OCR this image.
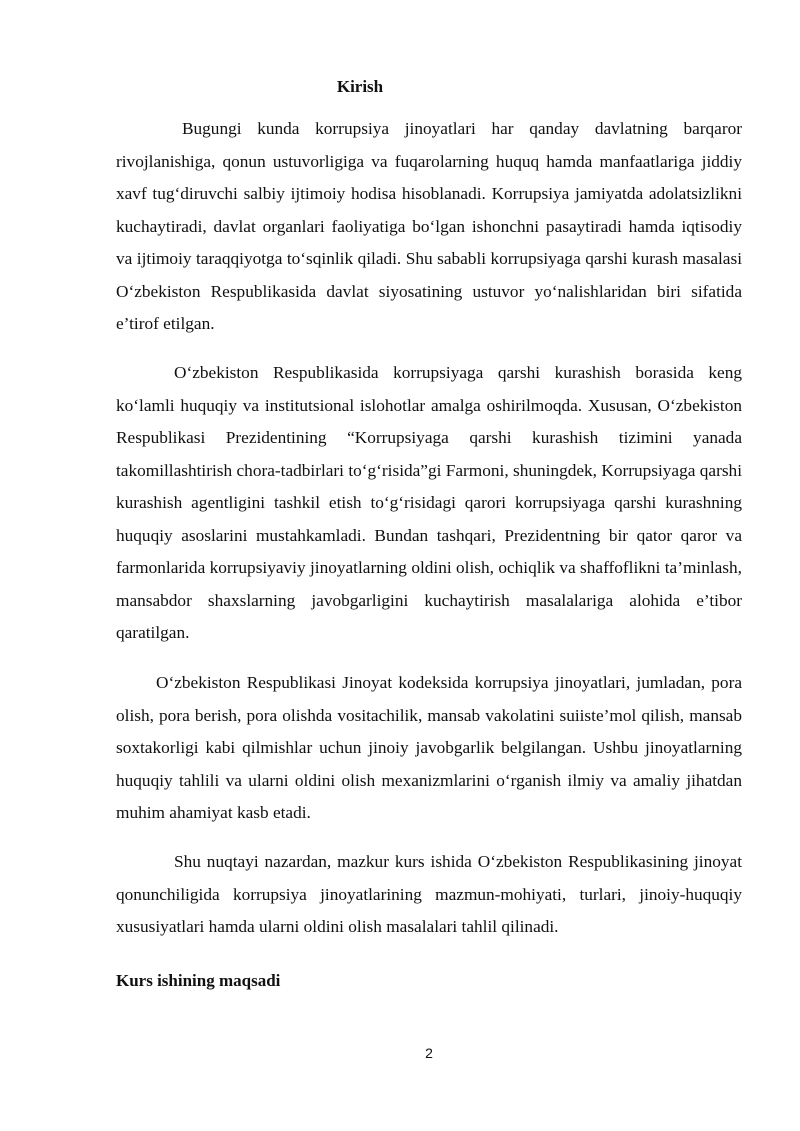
Kirish

Bugungi kunda korrupsiya jinoyatlari har qanday davlatning barqaror rivojlanishiga, qonun ustuvorligiga va fuqarolarning huquq hamda manfaatlariga jiddiy xavf tug‘diruvchi salbiy ijtimoiy hodisa hisoblanadi. Korrupsiya jamiyatda adolatsizlikni kuchaytiradi, davlat organlari faoliyatiga bo‘lgan ishonchni pasaytiradi hamda iqtisodiy va ijtimoiy taraqqiyotga to‘sqinlik qiladi. Shu sababli korrupsiyaga qarshi kurash masalasi O‘zbekiston Respublikasida davlat siyosatining ustuvor yo‘nalishlaridan biri sifatida e’tirof etilgan.

O‘zbekiston Respublikasida korrupsiyaga qarshi kurashish borasida keng ko‘lamli huquqiy va institutsional islohotlar amalga oshirilmoqda. Xususan, O‘zbekiston Respublikasi Prezidentining “Korrupsiyaga qarshi kurashish tizimini yanada takomillashtirish chora-tadbirlari to‘g‘risida”gi Farmoni, shuningdek, Korrupsiyaga qarshi kurashish agentligini tashkil etish to‘g‘risidagi qarori korrupsiyaga qarshi kurashning huquqiy asoslarini mustahkamladi. Bundan tashqari, Prezidentning bir qator qaror va farmonlarida korrupsiyaviy jinoyatlarning oldini olish, ochiqlik va shaffoflikni ta’minlash, mansabdor shaxslarning javobgarligini kuchaytirish masalalariga alohida e’tibor qaratilgan.

O‘zbekiston Respublikasi Jinoyat kodeksida korrupsiya jinoyatlari, jumladan, pora olish, pora berish, pora olishda vositachilik, mansab vakolatini suiiste’mol qilish, mansab soxtakorligi kabi qilmishlar uchun jinoiy javobgarlik belgilangan. Ushbu jinoyatlarning huquqiy tahlili va ularni oldini olish mexanizmlarini o‘rganish ilmiy va amaliy jihatdan muhim ahamiyat kasb etadi.

Shu nuqtayi nazardan, mazkur kurs ishida O‘zbekiston Respublikasining jinoyat qonunchiligida korrupsiya jinoyatlarining mazmun-mohiyati, turlari, jinoiy-huquqiy xususiyatlari hamda ularni oldini olish masalalari tahlil qilinadi.

Kurs ishining maqsadi
2
